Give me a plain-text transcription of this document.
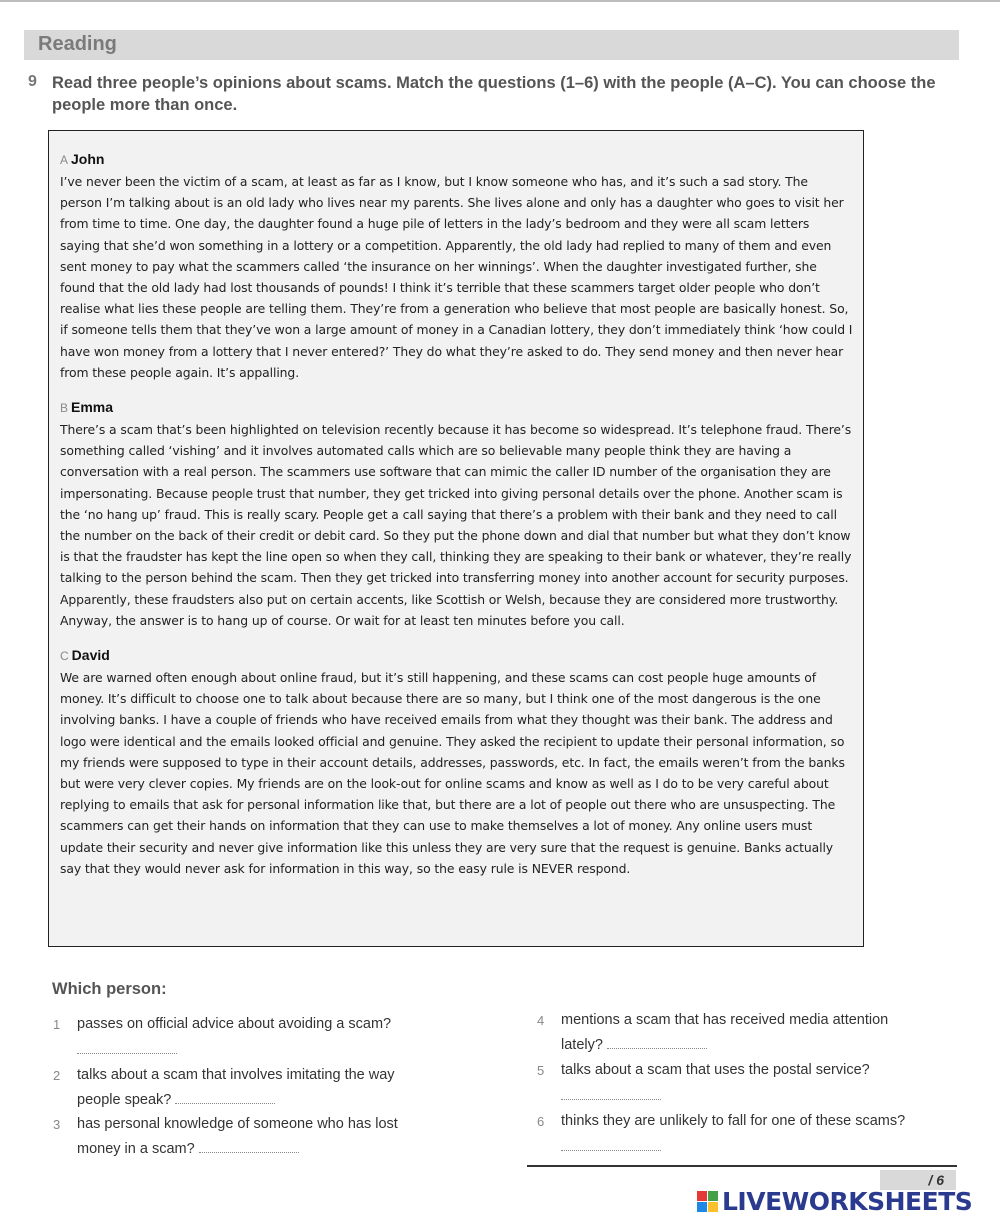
Reading
9 Read three people’s opinions about scams. Match the questions (1–6) with the people (A–C). You can choose the people more than once.
A John
I’ve never been the victim of a scam, at least as far as I know, but I know someone who has, and it’s such a sad story. The person I’m talking about is an old lady who lives near my parents. She lives alone and only has a daughter who goes to visit her from time to time. One day, the daughter found a huge pile of letters in the lady’s bedroom and they were all scam letters saying that she’d won something in a lottery or a competition. Apparently, the old lady had replied to many of them and even sent money to pay what the scammers called ‘the insurance on her winnings’. When the daughter investigated further, she found that the old lady had lost thousands of pounds! I think it’s terrible that these scammers target older people who don’t realise what lies these people are telling them. They’re from a generation who believe that most people are basically honest. So, if someone tells them that they’ve won a large amount of money in a Canadian lottery, they don’t immediately think ‘how could I have won money from a lottery that I never entered?’ They do what they’re asked to do. They send money and then never hear from these people again. It’s appalling.
B Emma
There’s a scam that’s been highlighted on television recently because it has become so widespread. It’s telephone fraud. There’s something called ‘vishing’ and it involves automated calls which are so believable many people think they are having a conversation with a real person. The scammers use software that can mimic the caller ID number of the organisation they are impersonating. Because people trust that number, they get tricked into giving personal details over the phone. Another scam is the ‘no hang up’ fraud. This is really scary. People get a call saying that there’s a problem with their bank and they need to call the number on the back of their credit or debit card. So they put the phone down and dial that number but what they don’t know is that the fraudster has kept the line open so when they call, thinking they are speaking to their bank or whatever, they’re really talking to the person behind the scam. Then they get tricked into transferring money into another account for security purposes. Apparently, these fraudsters also put on certain accents, like Scottish or Welsh, because they are considered more trustworthy. Anyway, the answer is to hang up of course. Or wait for at least ten minutes before you call.
C David
We are warned often enough about online fraud, but it’s still happening, and these scams can cost people huge amounts of money. It’s difficult to choose one to talk about because there are so many, but I think one of the most dangerous is the one involving banks. I have a couple of friends who have received emails from what they thought was their bank. The address and logo were identical and the emails looked official and genuine. They asked the recipient to update their personal information, so my friends were supposed to type in their account details, addresses, passwords, etc. In fact, the emails weren’t from the banks but were very clever copies. My friends are on the look-out for online scams and know as well as I do to be very careful about replying to emails that ask for personal information like that, but there are a lot of people out there who are unsuspecting. The scammers can get their hands on information that they can use to make themselves a lot of money. Any online users must update their security and never give information like this unless they are very sure that the request is genuine. Banks actually say that they would never ask for information in this way, so the easy rule is NEVER respond.
Which person:
1 passes on official advice about avoiding a scam?
2 talks about a scam that involves imitating the way
people speak?
3 has personal knowledge of someone who has lost
money in a scam?
4 mentions a scam that has received media attention
lately?
5 talks about a scam that uses the postal service?
6 thinks they are unlikely to fall for one of these scams?
/ 6
LIVEWORKSHEETS
